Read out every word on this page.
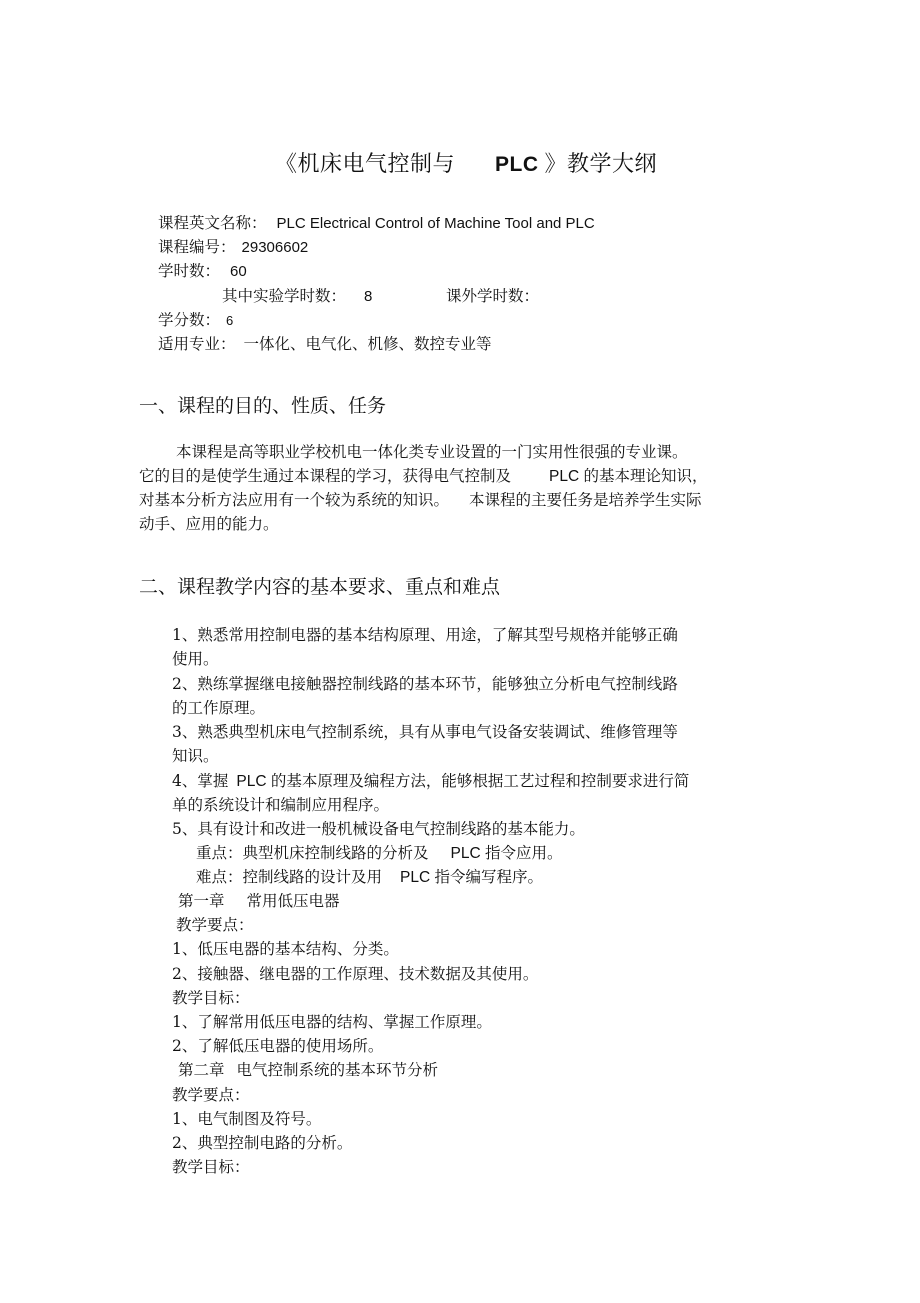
《机床电气控制与 PLC 》教学大纲
课程英文名称： PLC Electrical Control of Machine Tool and PLC
课程编号： 29306602
学时数： 60
其中实验学时数： 8	课外学时数：
学分数： 6
适用专业： 一体化、电气化、机修、数控专业等
一、课程的目的、性质、任务
本课程是高等职业学校机电一体化类专业设置的一门实用性很强的专业课。
它的目的是使学生通过本课程的学习，获得电气控制及 PLC 的基本理论知识，
对基本分析方法应用有一个较为系统的知识。 本课程的主要任务是培养学生实际
动手、应用的能力。
二、课程教学内容的基本要求、重点和难点
1、熟悉常用控制电器的基本结构原理、用途，了解其型号规格并能够正确
使用。
2、熟练掌握继电接触器控制线路的基本环节，能够独立分析电气控制线路
的工作原理。
3、熟悉典型机床电气控制系统，具有从事电气设备安装调试、维修管理等
知识。
4、掌握 PLC 的基本原理及编程方法，能够根据工艺过程和控制要求进行简
单的系统设计和编制应用程序。
5、具有设计和改进一般机械设备电气控制线路的基本能力。
重点：典型机床控制线路的分析及 PLC 指令应用。
难点：控制线路的设计及用 PLC 指令编写程序。
第一章 常用低压电器
教学要点：
1、低压电器的基本结构、分类。
2、接触器、继电器的工作原理、技术数据及其使用。
教学目标：
1、了解常用低压电器的结构、掌握工作原理。
2、了解低压电器的使用场所。
第二章 电气控制系统的基本环节分析
教学要点：
1、电气制图及符号。
2、典型控制电路的分析。
教学目标：
